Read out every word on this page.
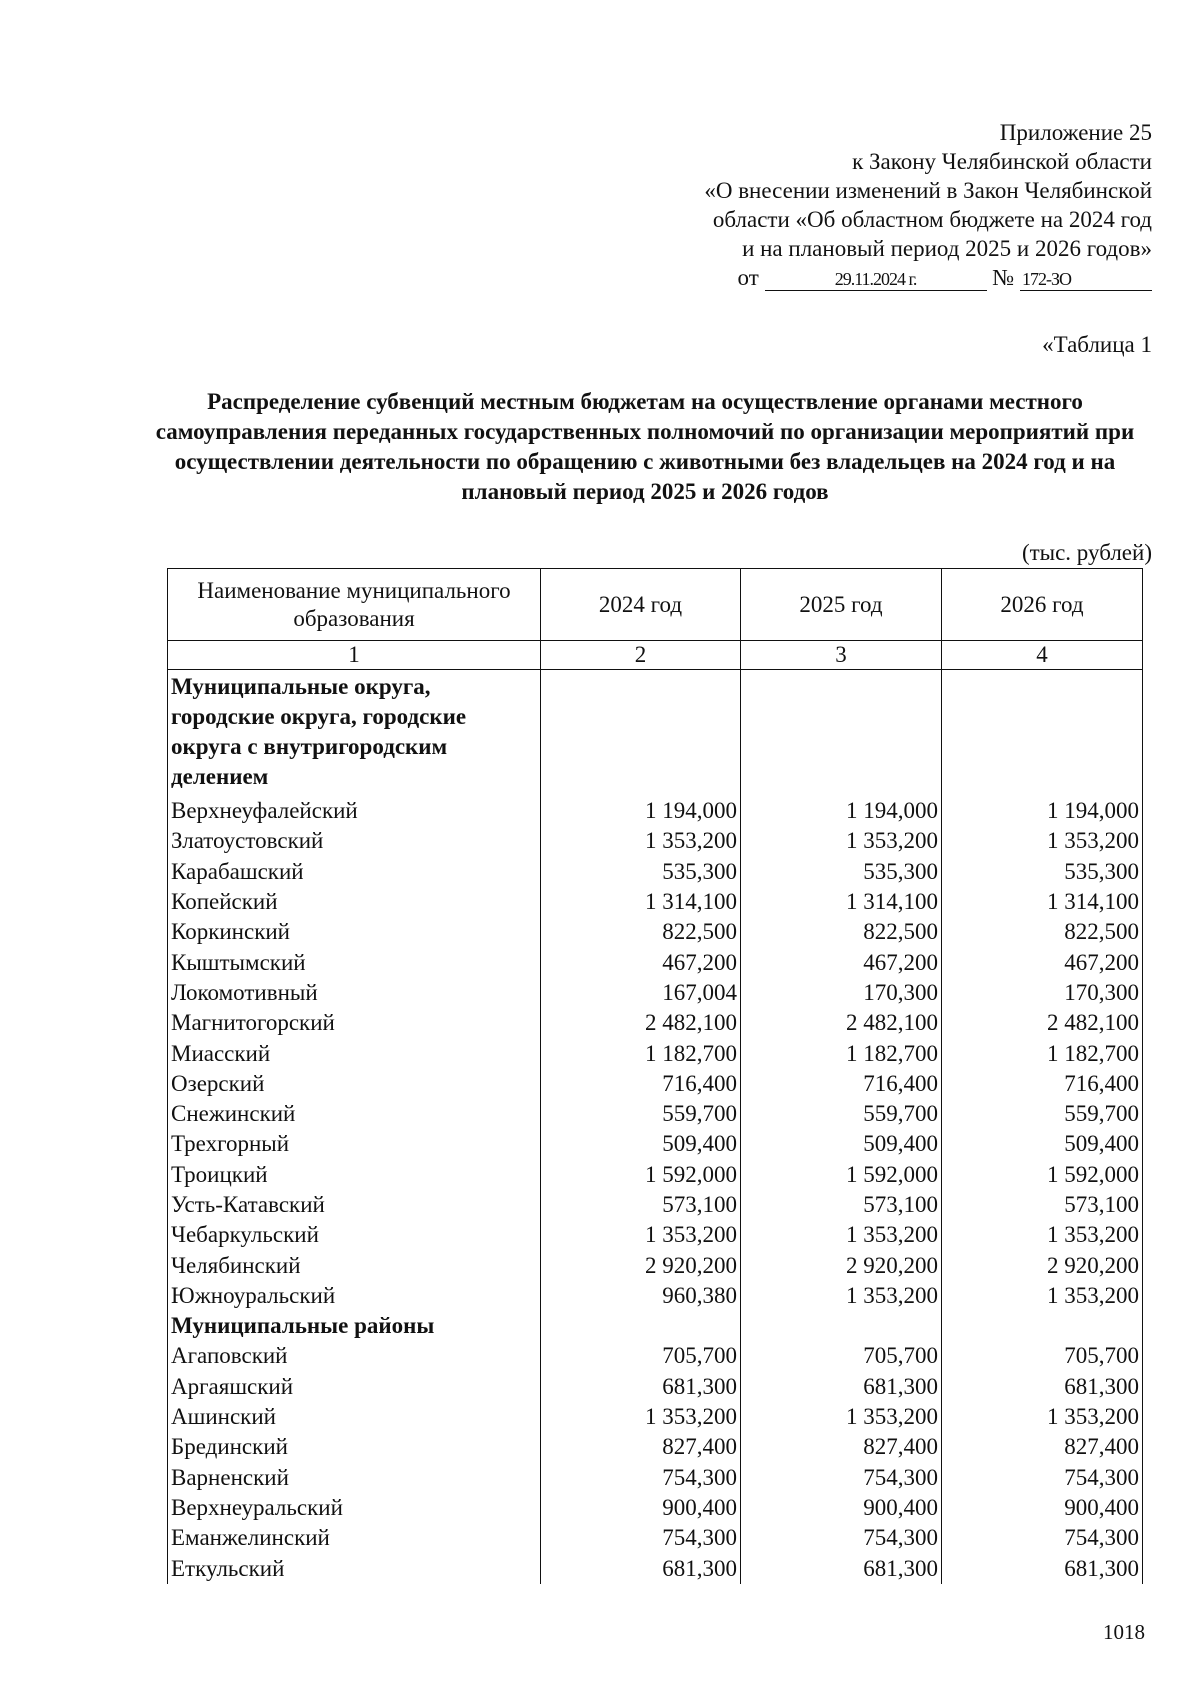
Приложение 25
к Закону Челябинской области
«О внесении изменений в Закон Челябинской
области «Об областном бюджете на 2024 год
и на плановый период 2025 и 2026 годов»
от	29.11.2024 г.	№ 172-ЗО
«Таблица 1
Распределение субвенций местным бюджетам на осуществление органами местного самоуправления переданных государственных полномочий по организации мероприятий при осуществлении деятельности по обращению с животными без владельцев на 2024 год и на плановый период 2025 и 2026 годов
(тыс. рублей)
Наименование муниципального образования	2024 год	2025 год	2026 год
1	2	3	4
Муниципальные округа, городские округа, городские округа с внутригородским делением			
Верхнеуфалейский	1 194,000	1 194,000	1 194,000
Златоустовский	1 353,200	1 353,200	1 353,200
Карабашский	535,300	535,300	535,300
Копейский	1 314,100	1 314,100	1 314,100
Коркинский	822,500	822,500	822,500
Кыштымский	467,200	467,200	467,200
Локомотивный	167,004	170,300	170,300
Магнитогорский	2 482,100	2 482,100	2 482,100
Миасский	1 182,700	1 182,700	1 182,700
Озерский	716,400	716,400	716,400
Снежинский	559,700	559,700	559,700
Трехгорный	509,400	509,400	509,400
Троицкий	1 592,000	1 592,000	1 592,000
Усть-Катавский	573,100	573,100	573,100
Чебаркульский	1 353,200	1 353,200	1 353,200
Челябинский	2 920,200	2 920,200	2 920,200
Южноуральский	960,380	1 353,200	1 353,200
Муниципальные районы			
Агаповский	705,700	705,700	705,700
Аргаяшский	681,300	681,300	681,300
Ашинский	1 353,200	1 353,200	1 353,200
Брединский	827,400	827,400	827,400
Варненский	754,300	754,300	754,300
Верхнеуральский	900,400	900,400	900,400
Еманжелинский	754,300	754,300	754,300
Еткульский	681,300	681,300	681,300
1018
